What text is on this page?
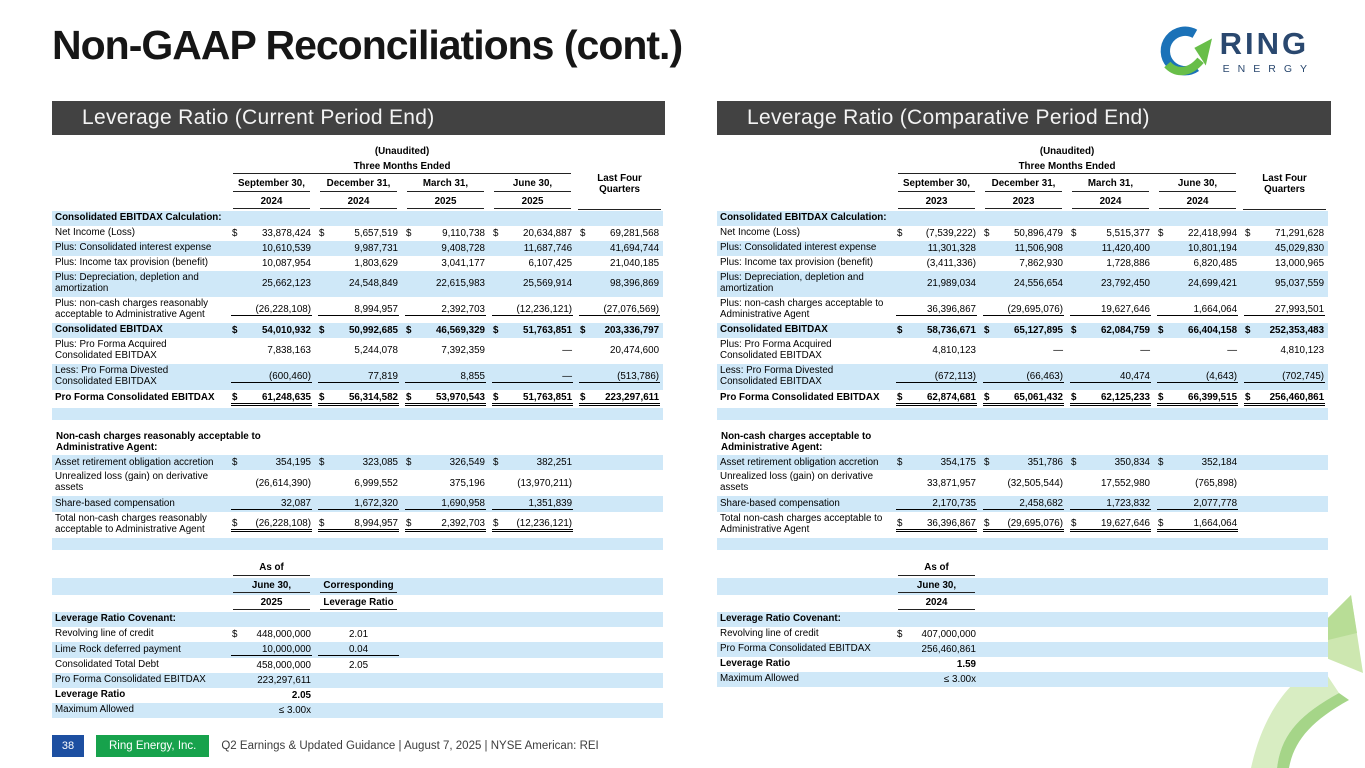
Non-GAAP Reconciliations (cont.)	RING
ENERGY
Leverage Ratio (Current Period End)
	(Unaudited)				

	Three Months Ended				Last Four Quarters

	September 30,	December 31,	March 31,	June 30,	

	2024	2024	2025	2025	

Consolidated EBITDAX Calculation:	

Net Income (Loss)	$ 33,878,424	$ 5,657,519	$ 9,110,738	$ 20,634,887	$ 69,281,568

Plus: Consolidated interest expense	10,610,539	9,987,731	9,408,728	11,687,746	41,694,744

Plus: Income tax provision (benefit)	10,087,954	1,803,629	3,041,177	6,107,425	21,040,185

Plus: Depreciation, depletion and amortization	25,662,123	24,548,849	22,615,983	25,569,914	98,396,869

Plus: non-cash charges reasonably acceptable to Administrative Agent	(26,228,108)	8,994,957	2,392,703	(12,236,121)	(27,076,569)

Consolidated EBITDAX	$ 54,010,932	$ 50,992,685	$ 46,569,329	$ 51,763,851	$ 203,336,797

Plus: Pro Forma Acquired Consolidated EBITDAX	7,838,163	5,244,078	7,392,359	—	20,474,600

Less: Pro Forma Divested Consolidated EBITDAX	(600,460)	77,819	8,855	—	(513,786)

Pro Forma Consolidated EBITDAX	$ 61,248,635	$ 56,314,582	$ 53,970,543	$ 51,763,851	$ 223,297,611

Non-cash charges reasonably acceptable to Administrative Agent:					

Asset retirement obligation accretion	$ 354,195	$ 323,085	$ 326,549	$ 382,251	

Unrealized loss (gain) on derivative assets	(26,614,390)	6,999,552	375,196	(13,970,211)	

Share-based compensation	32,087	1,672,320	1,690,958	1,351,839	

Total non-cash charges reasonably acceptable to Administrative Agent	$ (26,228,108)	$ 8,994,957	$ 2,392,703	$ (12,236,121)	

	As of				

	June 30,	Corresponding			

	2025	Leverage Ratio			

Leverage Ratio Covenant:	

Revolving line of credit	$ 448,000,000	2.01			

Lime Rock deferred payment	10,000,000	0.04			

Consolidated Total Debt	458,000,000	2.05			

Pro Forma Consolidated EBITDAX	223,297,611				

Leverage Ratio	2.05				

Maximum Allowed	≤ 3.00x				

Leverage Ratio (Comparative Period End)
	(Unaudited)				

	Three Months Ended				Last Four Quarters

	September 30,	December 31,	March 31,	June 30,	

	2023	2023	2024	2024	

Consolidated EBITDAX Calculation:	

Net Income (Loss)	$ (7,539,222)	$ 50,896,479	$ 5,515,377	$ 22,418,994	$ 71,291,628

Plus: Consolidated interest expense	11,301,328	11,506,908	11,420,400	10,801,194	45,029,830

Plus: Income tax provision (benefit)	(3,411,336)	7,862,930	1,728,886	6,820,485	13,000,965

Plus: Depreciation, depletion and amortization	21,989,034	24,556,654	23,792,450	24,699,421	95,037,559

Plus: non-cash charges acceptable to Administrative Agent	36,396,867	(29,695,076)	19,627,646	1,664,064	27,993,501

Consolidated EBITDAX	$ 58,736,671	$ 65,127,895	$ 62,084,759	$ 66,404,158	$ 252,353,483

Plus: Pro Forma Acquired Consolidated EBITDAX	4,810,123	—	—	—	4,810,123

Less: Pro Forma Divested Consolidated EBITDAX	(672,113)	(66,463)	40,474	(4,643)	(702,745)

Pro Forma Consolidated EBITDAX	$ 62,874,681	$ 65,061,432	$ 62,125,233	$ 66,399,515	$ 256,460,861

Non-cash charges acceptable to Administrative Agent:					

Asset retirement obligation accretion	$ 354,175	$ 351,786	$ 350,834	$ 352,184	

Unrealized loss (gain) on derivative assets	33,871,957	(32,505,544)	17,552,980	(765,898)	

Share-based compensation	2,170,735	2,458,682	1,723,832	2,077,778	

Total non-cash charges acceptable to Administrative Agent	$ 36,396,867	$ (29,695,076)	$ 19,627,646	$ 1,664,064	

	As of				

	June 30,				

	2024				

Leverage Ratio Covenant:	

Revolving line of credit	$ 407,000,000				

Pro Forma Consolidated EBITDAX	256,460,861				

Leverage Ratio	1.59				

Maximum Allowed	≤ 3.00x				

38	Ring Energy, Inc.	Q2 Earnings & Updated Guidance | August 7, 2025 | NYSE American: REI
